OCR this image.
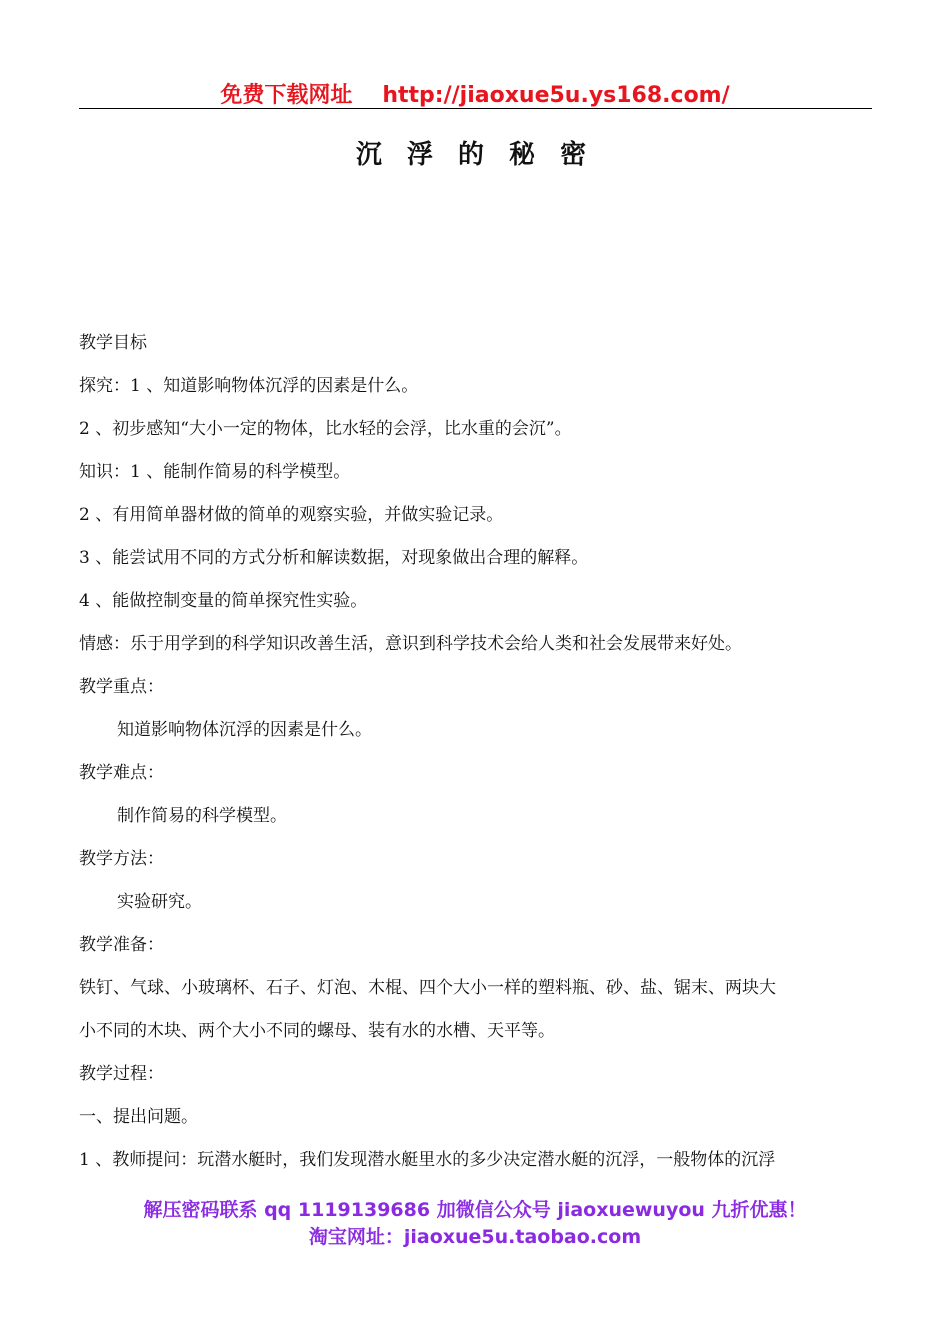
免费下载网址 http://jiaoxue5u.ys168.com/
沉 浮 的 秘 密
教学目标
探究：1 、知道影响物体沉浮的因素是什么。
2 、初步感知“大小一定的物体，比水轻的会浮，比水重的会沉”。
知识：1 、能制作简易的科学模型。
2 、有用简单器材做的简单的观察实验，并做实验记录。
3 、能尝试用不同的方式分析和解读数据，对现象做出合理的解释。
4 、能做控制变量的简单探究性实验。
情感：乐于用学到的科学知识改善生活，意识到科学技术会给人类和社会发展带来好处。
教学重点：
知道影响物体沉浮的因素是什么。
教学难点：
制作简易的科学模型。
教学方法：
实验研究。
教学准备：
铁钉、气球、小玻璃杯、石子、灯泡、木棍、四个大小一样的塑料瓶、砂、盐、锯末、两块大
小不同的木块、两个大小不同的螺母、装有水的水槽、天平等。
教学过程：
一、提出问题。
1 、教师提问：玩潜水艇时，我们发现潜水艇里水的多少决定潜水艇的沉浮，一般物体的沉浮
解压密码联系 qq 1119139686 加微信公众号 jiaoxuewuyou 九折优惠！
淘宝网址：jiaoxue5u.taobao.com
